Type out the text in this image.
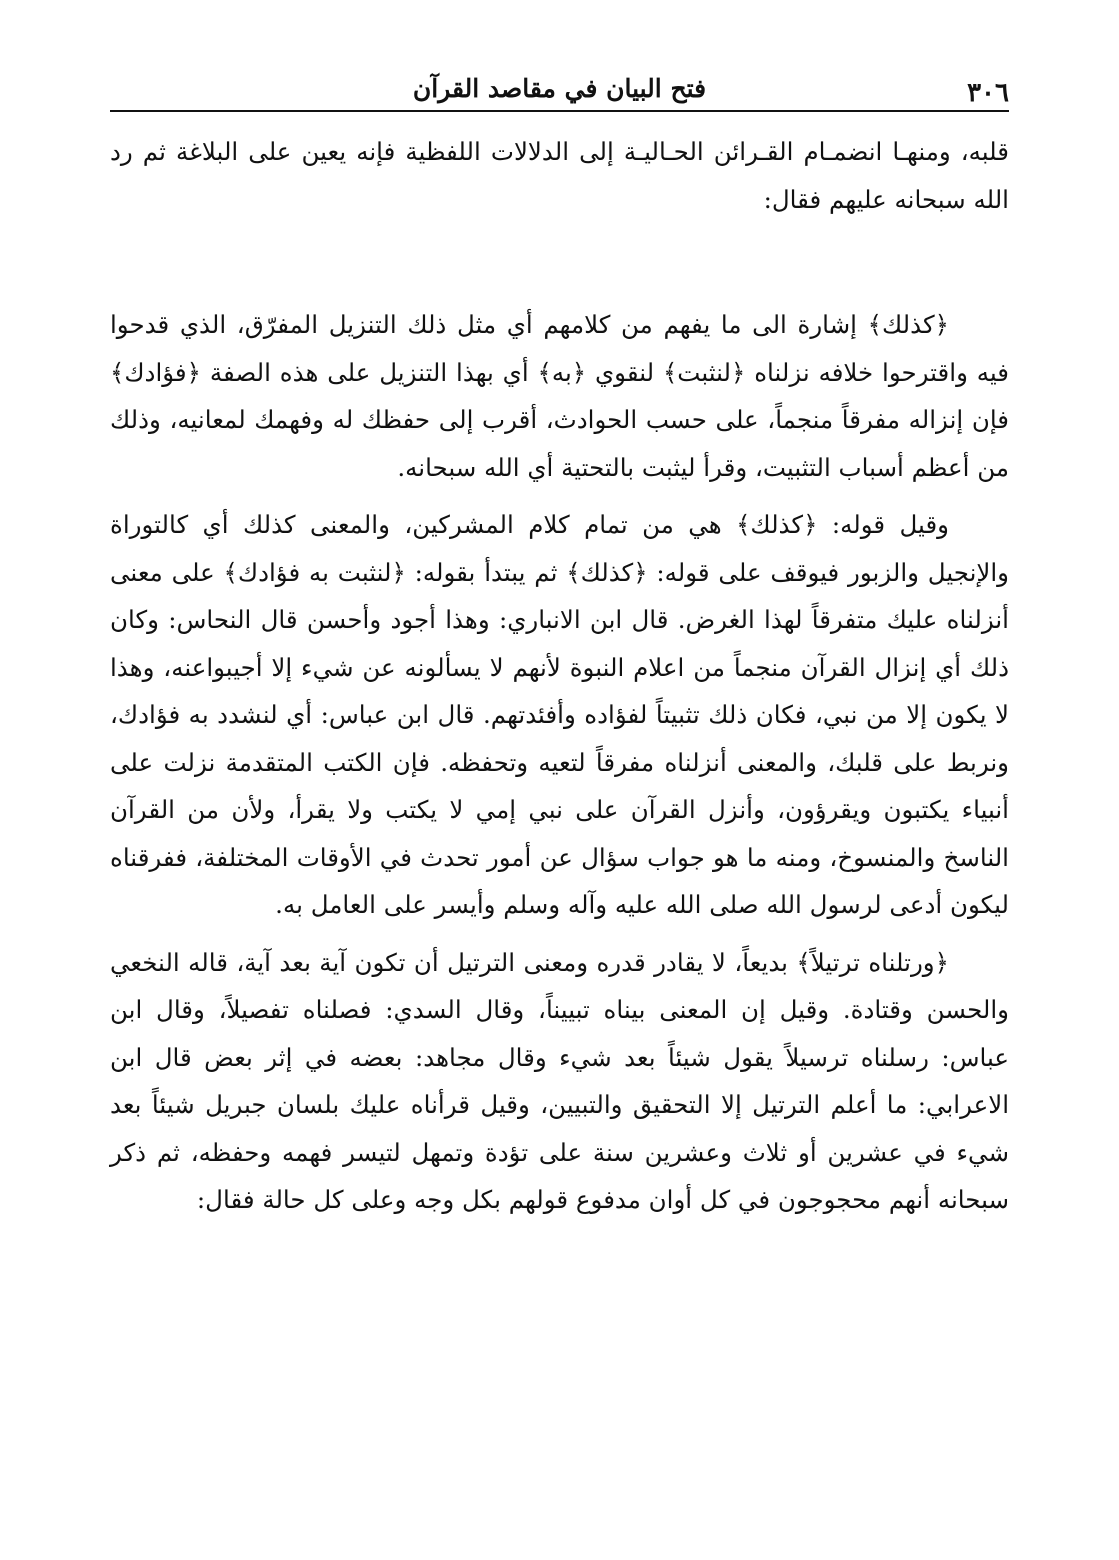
٣٠٦
فتح البيان في مقاصد القرآن

قلبه، ومنهـا انضمـام القـرائن الحـاليـة إلى الدلالات اللفظية فإنه يعين على البلاغة ثم رد الله سبحانه عليهم فقال:

﴿كذلك﴾ إشارة الى ما يفهم من كلامهم أي مثل ذلك التنزيل المفرّق، الذي قدحوا فيه واقترحوا خلافه نزلناه ﴿لنثبت﴾ لنقوي ﴿به﴾ أي بهذا التنزيل على هذه الصفة ﴿فؤادك﴾ فإن إنزاله مفرقاً منجماً، على حسب الحوادث، أقرب إلى حفظك له وفهمك لمعانيه، وذلك من أعظم أسباب التثبيت، وقرأ ليثبت بالتحتية أي الله سبحانه.

وقيل قوله: ﴿كذلك﴾ هي من تمام كلام المشركين، والمعنى كذلك أي كالتوراة والإنجيل والزبور فيوقف على قوله: ﴿كذلك﴾ ثم يبتدأ بقوله: ﴿لنثبت به فؤادك﴾ على معنى أنزلناه عليك متفرقاً لهذا الغرض. قال ابن الانباري: وهذا أجود وأحسن قال النحاس: وكان ذلك أي إنزال القرآن منجماً من اعلام النبوة لأنهم لا يسألونه عن شيء إلا أجيبواعنه، وهذا لا يكون إلا من نبي، فكان ذلك تثبيتاً لفؤاده وأفئدتهم. قال ابن عباس: أي لنشدد به فؤادك، ونربط على قلبك، والمعنى أنزلناه مفرقاً لتعيه وتحفظه. فإن الكتب المتقدمة نزلت على أنبياء يكتبون ويقرؤون، وأنزل القرآن على نبي إمي لا يكتب ولا يقرأ، ولأن من القرآن الناسخ والمنسوخ، ومنه ما هو جواب سؤال عن أمور تحدث في الأوقات المختلفة، ففرقناه ليكون أدعى لرسول الله صلى الله عليه وآله وسلم وأيسر على العامل به.

﴿ورتلناه ترتيلاً﴾ بديعاً، لا يقادر قدره ومعنى الترتيل أن تكون آية بعد آية، قاله النخعي والحسن وقتادة. وقيل إن المعنى بيناه تبييناً، وقال السدي: فصلناه تفصيلاً، وقال ابن عباس: رسلناه ترسيلاً يقول شيئاً بعد شيء وقال مجاهد: بعضه في إثر بعض قال ابن الاعرابي: ما أعلم الترتيل إلا التحقيق والتبيين، وقيل قرأناه عليك بلسان جبريل شيئاً بعد شيء في عشرين أو ثلاث وعشرين سنة على تؤدة وتمهل لتيسر فهمه وحفظه، ثم ذكر سبحانه أنهم محجوجون في كل أوان مدفوع قولهم بكل وجه وعلى كل حالة فقال:
